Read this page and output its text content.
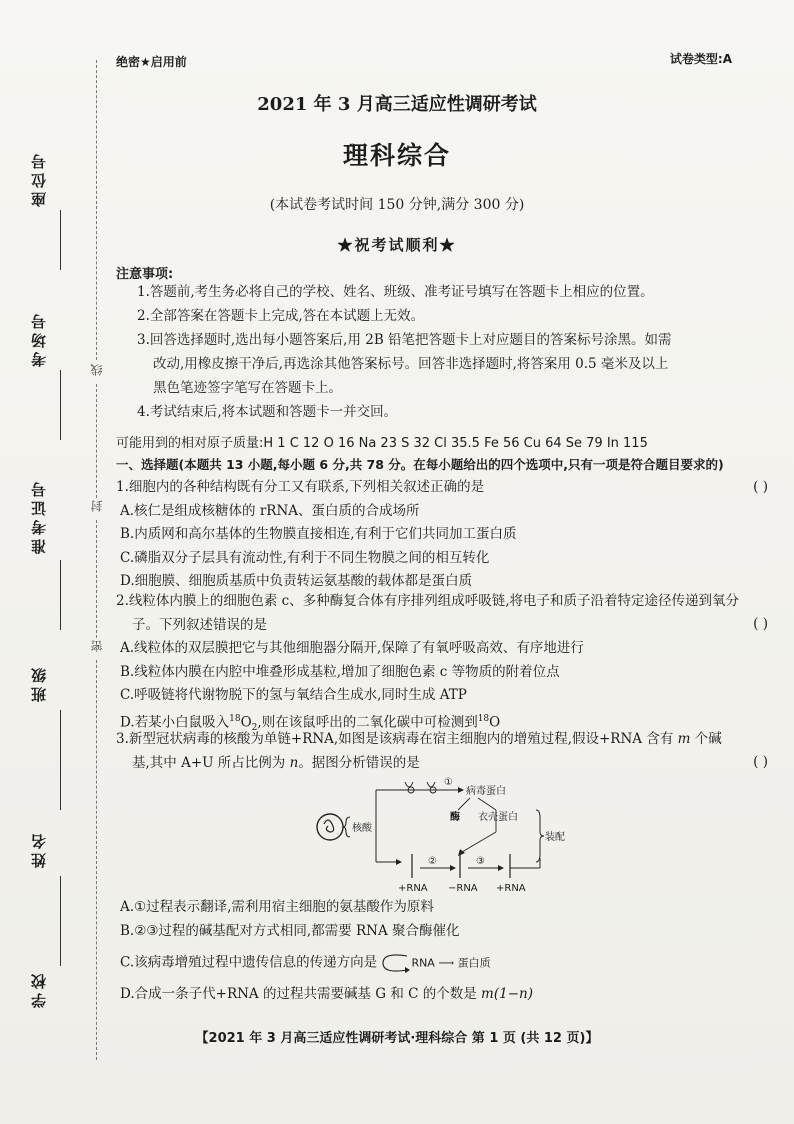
座位号
考场号
准考证号
班级
姓名
学校
线
封
密
绝密★启用前	试卷类型:A
2021 年 3 月高三适应性调研考试
理科综合
(本试卷考试时间 150 分钟,满分 300 分)
★祝考试顺利★
注意事项:

1.答题前,考生务必将自己的学校、姓名、班级、准考证号填写在答题卡上相应的位置。

2.全部答案在答题卡上完成,答在本试题上无效。

3.回答选择题时,选出每小题答案后,用 2B 铅笔把答题卡上对应题目的答案标号涂黑。如需

改动,用橡皮擦干净后,再选涂其他答案标号。回答非选择题时,将答案用 0.5 毫米及以上

黑色笔迹签字笔写在答题卡上。

4.考试结束后,将本试题和答题卡一并交回。

可能用到的相对原子质量:H 1 C 12 O 16 Na 23 S 32 Cl 35.5 Fe 56 Cu 64 Se 79 In 115
一、选择题(本题共 13 小题,每小题 6 分,共 78 分。在每小题给出的四个选项中,只有一项是符合题目要求的)

1.细胞内的各种结构既有分工又有联系,下列相关叙述正确的是	( )

A.核仁是组成核糖体的 rRNA、蛋白质的合成场所

B.内质网和高尔基体的生物膜直接相连,有利于它们共同加工蛋白质

C.磷脂双分子层具有流动性,有利于不同生物膜之间的相互转化

D.细胞膜、细胞质基质中负责转运氨基酸的载体都是蛋白质

2.线粒体内膜上的细胞色素 c、多种酶复合体有序排列组成呼吸链,将电子和质子沿着特定途径传递到氧分

子。下列叙述错误的是	( )

A.线粒体的双层膜把它与其他细胞器分隔开,保障了有氧呼吸高效、有序地进行

B.线粒体内膜在内腔中堆叠形成基粒,增加了细胞色素 c 等物质的附着位点

C.呼吸链将代谢物脱下的氢与氧结合生成水,同时生成 ATP

D.若某小白鼠吸入$^{18}O_2$,则在该鼠呼出的二氧化碳中可检测到$^{18}$O

3.新型冠状病毒的核酸为单链+RNA,如图是该病毒在宿主细胞内的增殖过程,假设+RNA 含有 m 个碱

基,其中 A+U 所占比例为 n。据图分析错误的是	( )
核酸
①
病毒蛋白
酶 衣壳蛋白
装配
②	③
+RNA −RNA +RNA

A.①过程表示翻译,需利用宿主细胞的氨基酸作为原料

B.②③过程的碱基配对方式相同,都需要 RNA 聚合酶催化

C.该病毒增殖过程中遗传信息的传递方向是	RNA ⟶ 蛋白质

D.合成一条子代+RNA 的过程共需要碱基 G 和 C 的个数是 m(1−n)

【2021 年 3 月高三适应性调研考试·理科综合 第 1 页 (共 12 页)】
